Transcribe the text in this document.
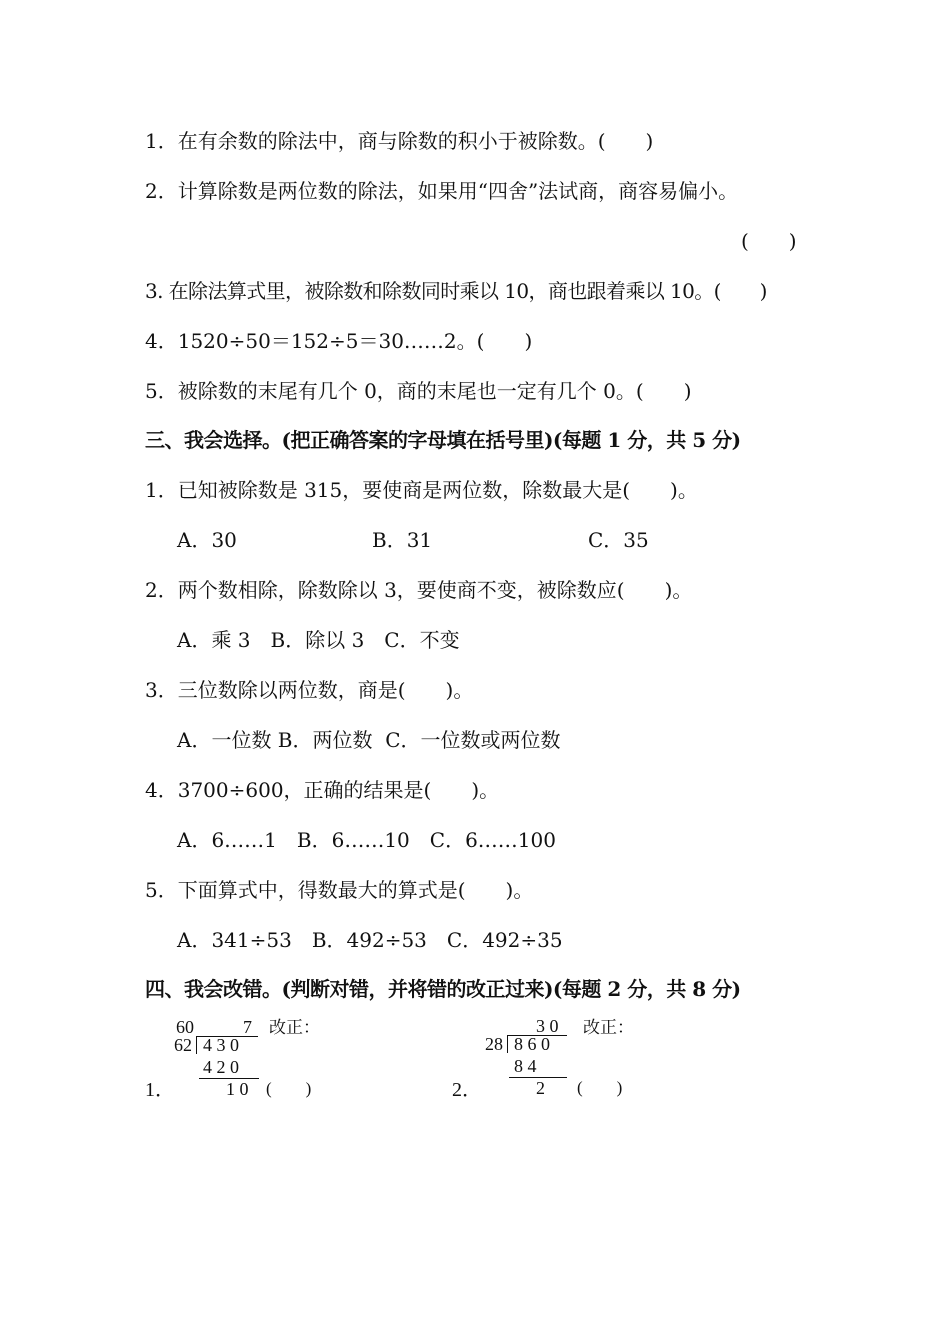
1．在有余数的除法中，商与除数的积小于被除数。(　　)
2．计算除数是两位数的除法，如果用“四舍”法试商，商容易偏小。
(　　)
3. 在除法算式里，被除数和除数同时乘以 10，商也跟着乘以 10。(　　)
4．1520÷50＝152÷5＝30……2。(　　)
5．被除数的末尾有几个 0，商的末尾也一定有几个 0。(　　)
三、我会选择。(把正确答案的字母填在括号里)(每题 1 分，共 5 分)
1．已知被除数是 315，要使商是两位数，除数最大是(　　)。
A．30	B．31	C．35
2．两个数相除，除数除以 3，要使商不变，被除数应(　　)。
A．乘 3　B．除以 3　C．不变
3．三位数除以两位数，商是(　　)。
A．一位数 B．两位数  C．一位数或两位数
4．3700÷600，正确的结果是(　　)。
A．6……1　B．6……10　C．6……100
5．下面算式中，得数最大的算式是(　　)。
A．341÷53　B．492÷53　C．492÷35
四、我会改错。(判断对错，并将错的改正过来)(每题 2 分，共 8 分)
1．
60	7
62 4 3 0
4 2 0
1 0
改正：
(　　)	2．
3 0
28 8 6 0
8 4
2
改正：
(　　)
